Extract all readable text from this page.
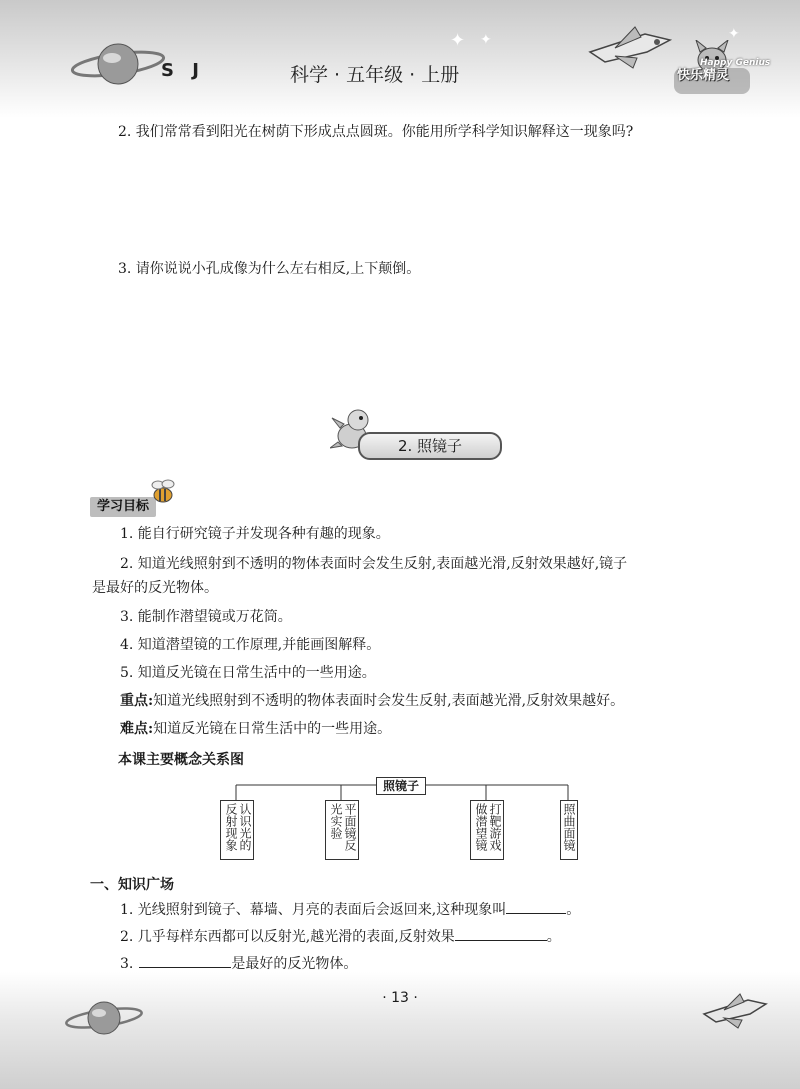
✦ ✦	✦
S J	科学 · 五年级 · 上册	快乐精灵
Happy Genius
2. 我们常常看到阳光在树荫下形成点点圆斑。你能用所学科学知识解释这一现象吗?
3. 请你说说小孔成像为什么左右相反,上下颠倒。
2. 照镜子
学习目标
1. 能自行研究镜子并发现各种有趣的现象。
2. 知道光线照射到不透明的物体表面时会发生反射,表面越光滑,反射效果越好,镜子
是最好的反光物体。
3. 能制作潜望镜或万花筒。
4. 知道潜望镜的工作原理,并能画图解释。
5. 知道反光镜在日常生活中的一些用途。
重点:知道光线照射到不透明的物体表面时会发生反射,表面越光滑,反射效果越好。
难点:知道反光镜在日常生活中的一些用途。
本课主要概念关系图
照镜子
认识光的反射现象	平面镜反光实验	打靶游戏做潜望镜	照曲面镜
一、知识广场
1. 光线照射到镜子、幕墙、月亮的表面后会返回来,这种现象叫	。
2. 几乎每样东西都可以反射光,越光滑的表面,反射效果	。
3.	是最好的反光物体。
· 13 ·
